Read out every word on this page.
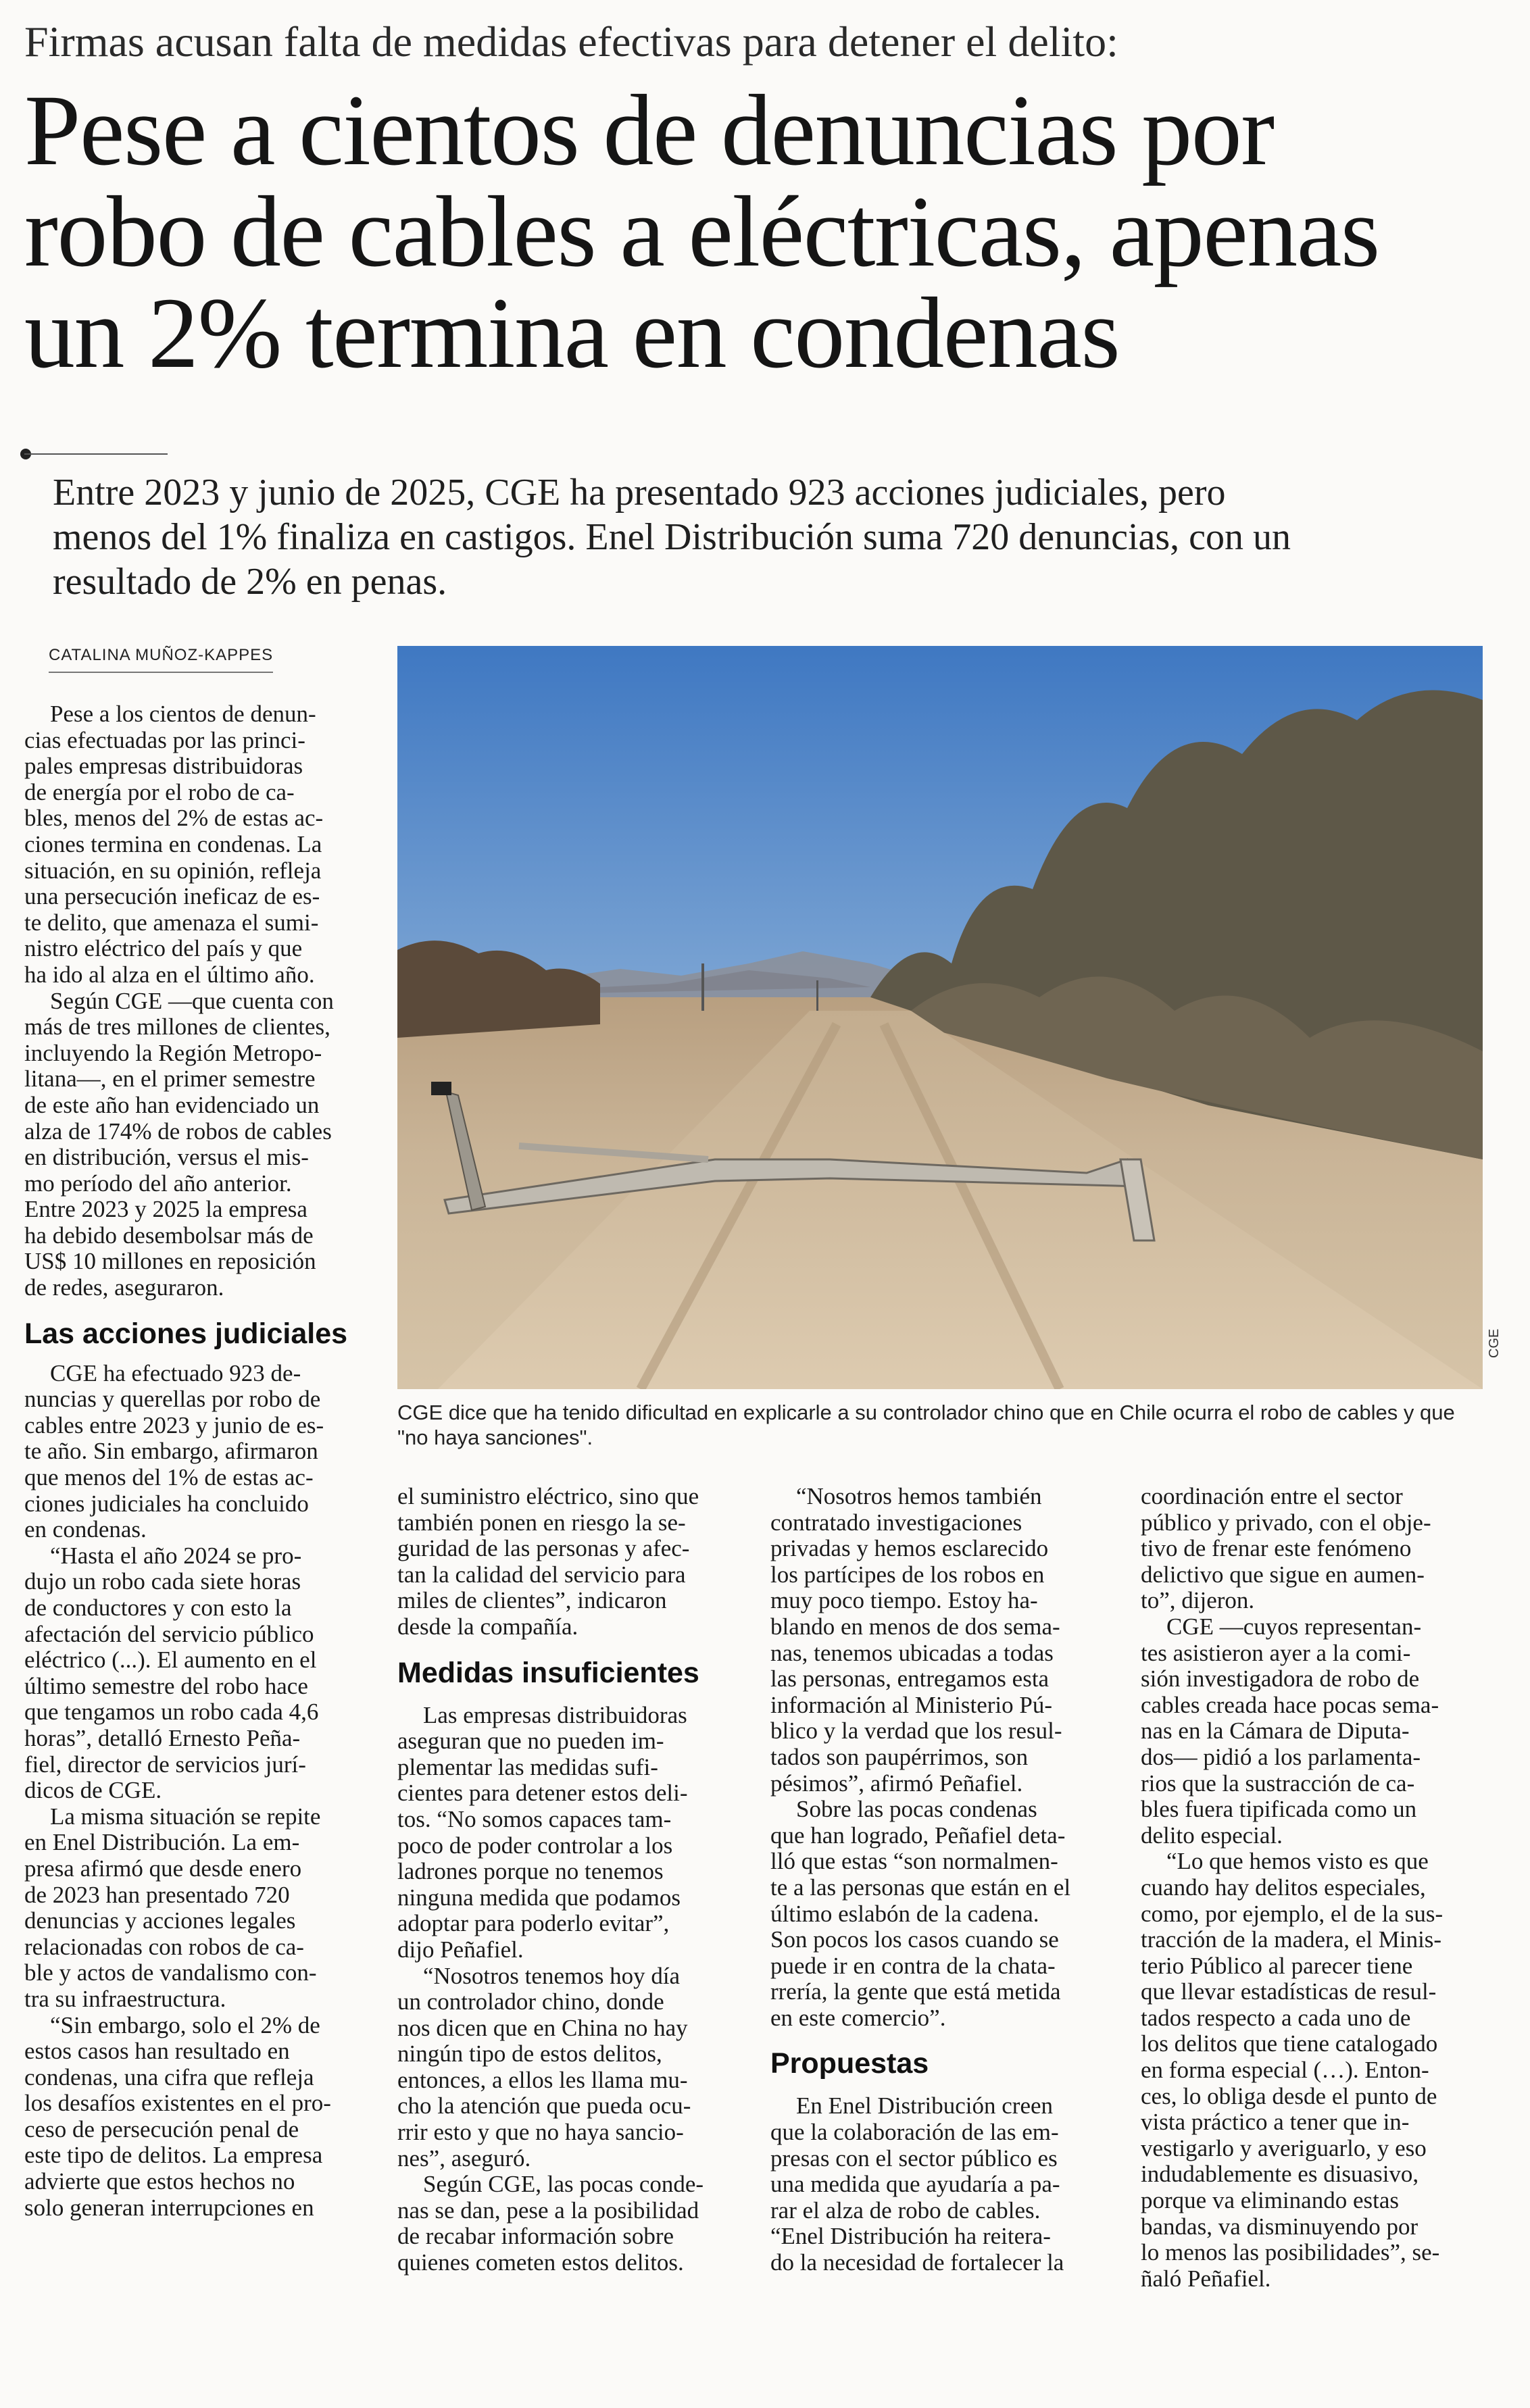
Firmas acusan falta de medidas efectivas para detener el delito:
Pese a cientos de denuncias por
robo de cables a eléctricas, apenas
un 2% termina en condenas
Entre 2023 y junio de 2025, CGE ha presentado 923 acciones judiciales, pero
menos del 1% finaliza en castigos. Enel Distribución suma 720 denuncias, con un
resultado de 2% en penas.
CATALINA MUÑOZ-KAPPES
CGE
CGE dice que ha tenido dificultad en explicarle a su controlador chino que en Chile ocurra el robo de cables y que
"no haya sanciones".
Pese a los cientos de denun-
cias efectuadas por las princi-
pales empresas distribuidoras
de energía por el robo de ca-
bles, menos del 2% de estas ac-
ciones termina en condenas. La
situación, en su opinión, refleja
una persecución ineficaz de es-
te delito, que amenaza el sumi-
nistro eléctrico del país y que
ha ido al alza en el último año.
Según CGE —que cuenta con
más de tres millones de clientes,
incluyendo la Región Metropo-
litana—, en el primer semestre
de este año han evidenciado un
alza de 174% de robos de cables
en distribución, versus el mis-
mo período del año anterior.
Entre 2023 y 2025 la empresa
ha debido desembolsar más de
US$ 10 millones en reposición
de redes, aseguraron.
Las acciones judiciales
CGE ha efectuado 923 de-
nuncias y querellas por robo de
cables entre 2023 y junio de es-
te año. Sin embargo, afirmaron
que menos del 1% de estas ac-
ciones judiciales ha concluido
en condenas.
“Hasta el año 2024 se pro-
dujo un robo cada siete horas
de conductores y con esto la
afectación del servicio público
eléctrico (...). El aumento en el
último semestre del robo hace
que tengamos un robo cada 4,6
horas”, detalló Ernesto Peña-
fiel, director de servicios jurí-
dicos de CGE.
La misma situación se repite
en Enel Distribución. La em-
presa afirmó que desde enero
de 2023 han presentado 720
denuncias y acciones legales
relacionadas con robos de ca-
ble y actos de vandalismo con-
tra su infraestructura.
“Sin embargo, solo el 2% de
estos casos han resultado en
condenas, una cifra que refleja
los desafíos existentes en el pro-
ceso de persecución penal de
este tipo de delitos. La empresa
advierte que estos hechos no
solo generan interrupciones en
el suministro eléctrico, sino que
también ponen en riesgo la se-
guridad de las personas y afec-
tan la calidad del servicio para
miles de clientes”, indicaron
desde la compañía.
Medidas insuficientes
Las empresas distribuidoras
aseguran que no pueden im-
plementar las medidas sufi-
cientes para detener estos deli-
tos. “No somos capaces tam-
poco de poder controlar a los
ladrones porque no tenemos
ninguna medida que podamos
adoptar para poderlo evitar”,
dijo Peñafiel.
“Nosotros tenemos hoy día
un controlador chino, donde
nos dicen que en China no hay
ningún tipo de estos delitos,
entonces, a ellos les llama mu-
cho la atención que pueda ocu-
rrir esto y que no haya sancio-
nes”, aseguró.
Según CGE, las pocas conde-
nas se dan, pese a la posibilidad
de recabar información sobre
quienes cometen estos delitos.
“Nosotros hemos también
contratado investigaciones
privadas y hemos esclarecido
los partícipes de los robos en
muy poco tiempo. Estoy ha-
blando en menos de dos sema-
nas, tenemos ubicadas a todas
las personas, entregamos esta
información al Ministerio Pú-
blico y la verdad que los resul-
tados son paupérrimos, son
pésimos”, afirmó Peñafiel.
Sobre las pocas condenas
que han logrado, Peñafiel deta-
lló que estas “son normalmen-
te a las personas que están en el
último eslabón de la cadena.
Son pocos los casos cuando se
puede ir en contra de la chata-
rrería, la gente que está metida
en este comercio”.
Propuestas
En Enel Distribución creen
que la colaboración de las em-
presas con el sector público es
una medida que ayudaría a pa-
rar el alza de robo de cables.
“Enel Distribución ha reitera-
do la necesidad de fortalecer la
coordinación entre el sector
público y privado, con el obje-
tivo de frenar este fenómeno
delictivo que sigue en aumen-
to”, dijeron.
CGE —cuyos representan-
tes asistieron ayer a la comi-
sión investigadora de robo de
cables creada hace pocas sema-
nas en la Cámara de Diputa-
dos— pidió a los parlamenta-
rios que la sustracción de ca-
bles fuera tipificada como un
delito especial.
“Lo que hemos visto es que
cuando hay delitos especiales,
como, por ejemplo, el de la sus-
tracción de la madera, el Minis-
terio Público al parecer tiene
que llevar estadísticas de resul-
tados respecto a cada uno de
los delitos que tiene catalogado
en forma especial (…). Enton-
ces, lo obliga desde el punto de
vista práctico a tener que in-
vestigarlo y averiguarlo, y eso
indudablemente es disuasivo,
porque va eliminando estas
bandas, va disminuyendo por
lo menos las posibilidades”, se-
ñaló Peñafiel.
